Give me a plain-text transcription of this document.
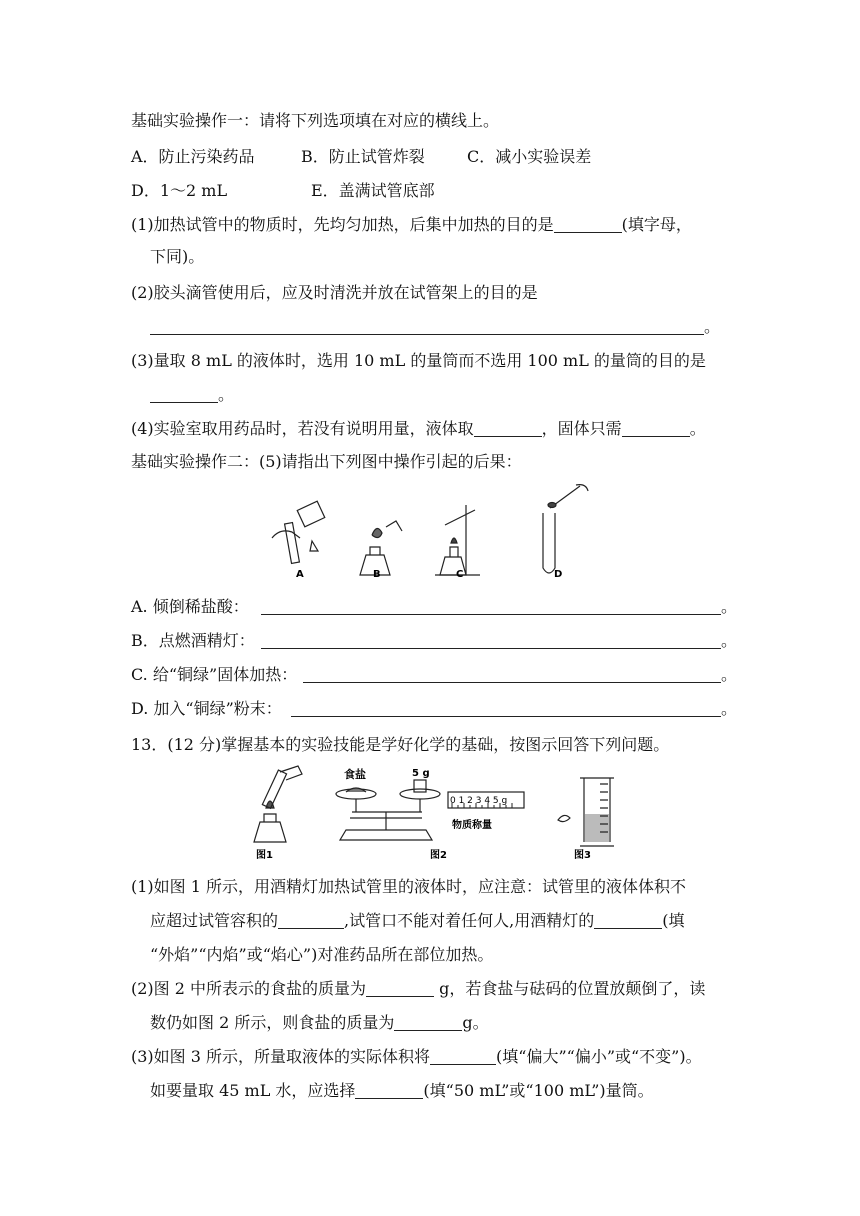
基础实验操作一：请将下列选项填在对应的横线上。
A．防止污染药品	B．防止试管炸裂	C．减小实验误差
D．1～2 mL	E．盖满试管底部
(1)加热试管中的物质时，先均匀加热，后集中加热的目的是	(填字母，
下同)。
(2)胶头滴管使用后，应及时清洗并放在试管架上的目的是
。
(3)量取 8 mL 的液体时，选用 10 mL 的量筒而不选用 100 mL 的量筒的目的是
。
(4)实验室取用药品时，若没有说明用量，液体取	，固体只需	。
基础实验操作二：(5)请指出下列图中操作引起的后果：
A	B	C	D
A. 倾倒稀盐酸：	。
B．点燃酒精灯：	。
C. 给“铜绿”固体加热：	。
D. 加入“铜绿”粉末：	。
13．(12 分)掌握基本的实验技能是学好化学的基础，按图示回答下列问题。
食盐	5 g
0 1 2 3 4 5 g
物质称量
图1	图2	图3
(1)如图 1 所示，用酒精灯加热试管里的液体时，应注意：试管里的液体体积不
应超过试管容积的	,试管口不能对着任何人,用酒精灯的	(填
“外焰”“内焰”或“焰心”)对准药品所在部位加热。
(2)图 2 中所表示的食盐的质量为	g，若食盐与砝码的位置放颠倒了，读
数仍如图 2 所示，则食盐的质量为	g。
(3)如图 3 所示，所量取液体的实际体积将	(填“偏大”“偏小”或“不变”)。
如要量取 45 mL 水，应选择	(填“50 mL”或“100 mL”)量筒。
